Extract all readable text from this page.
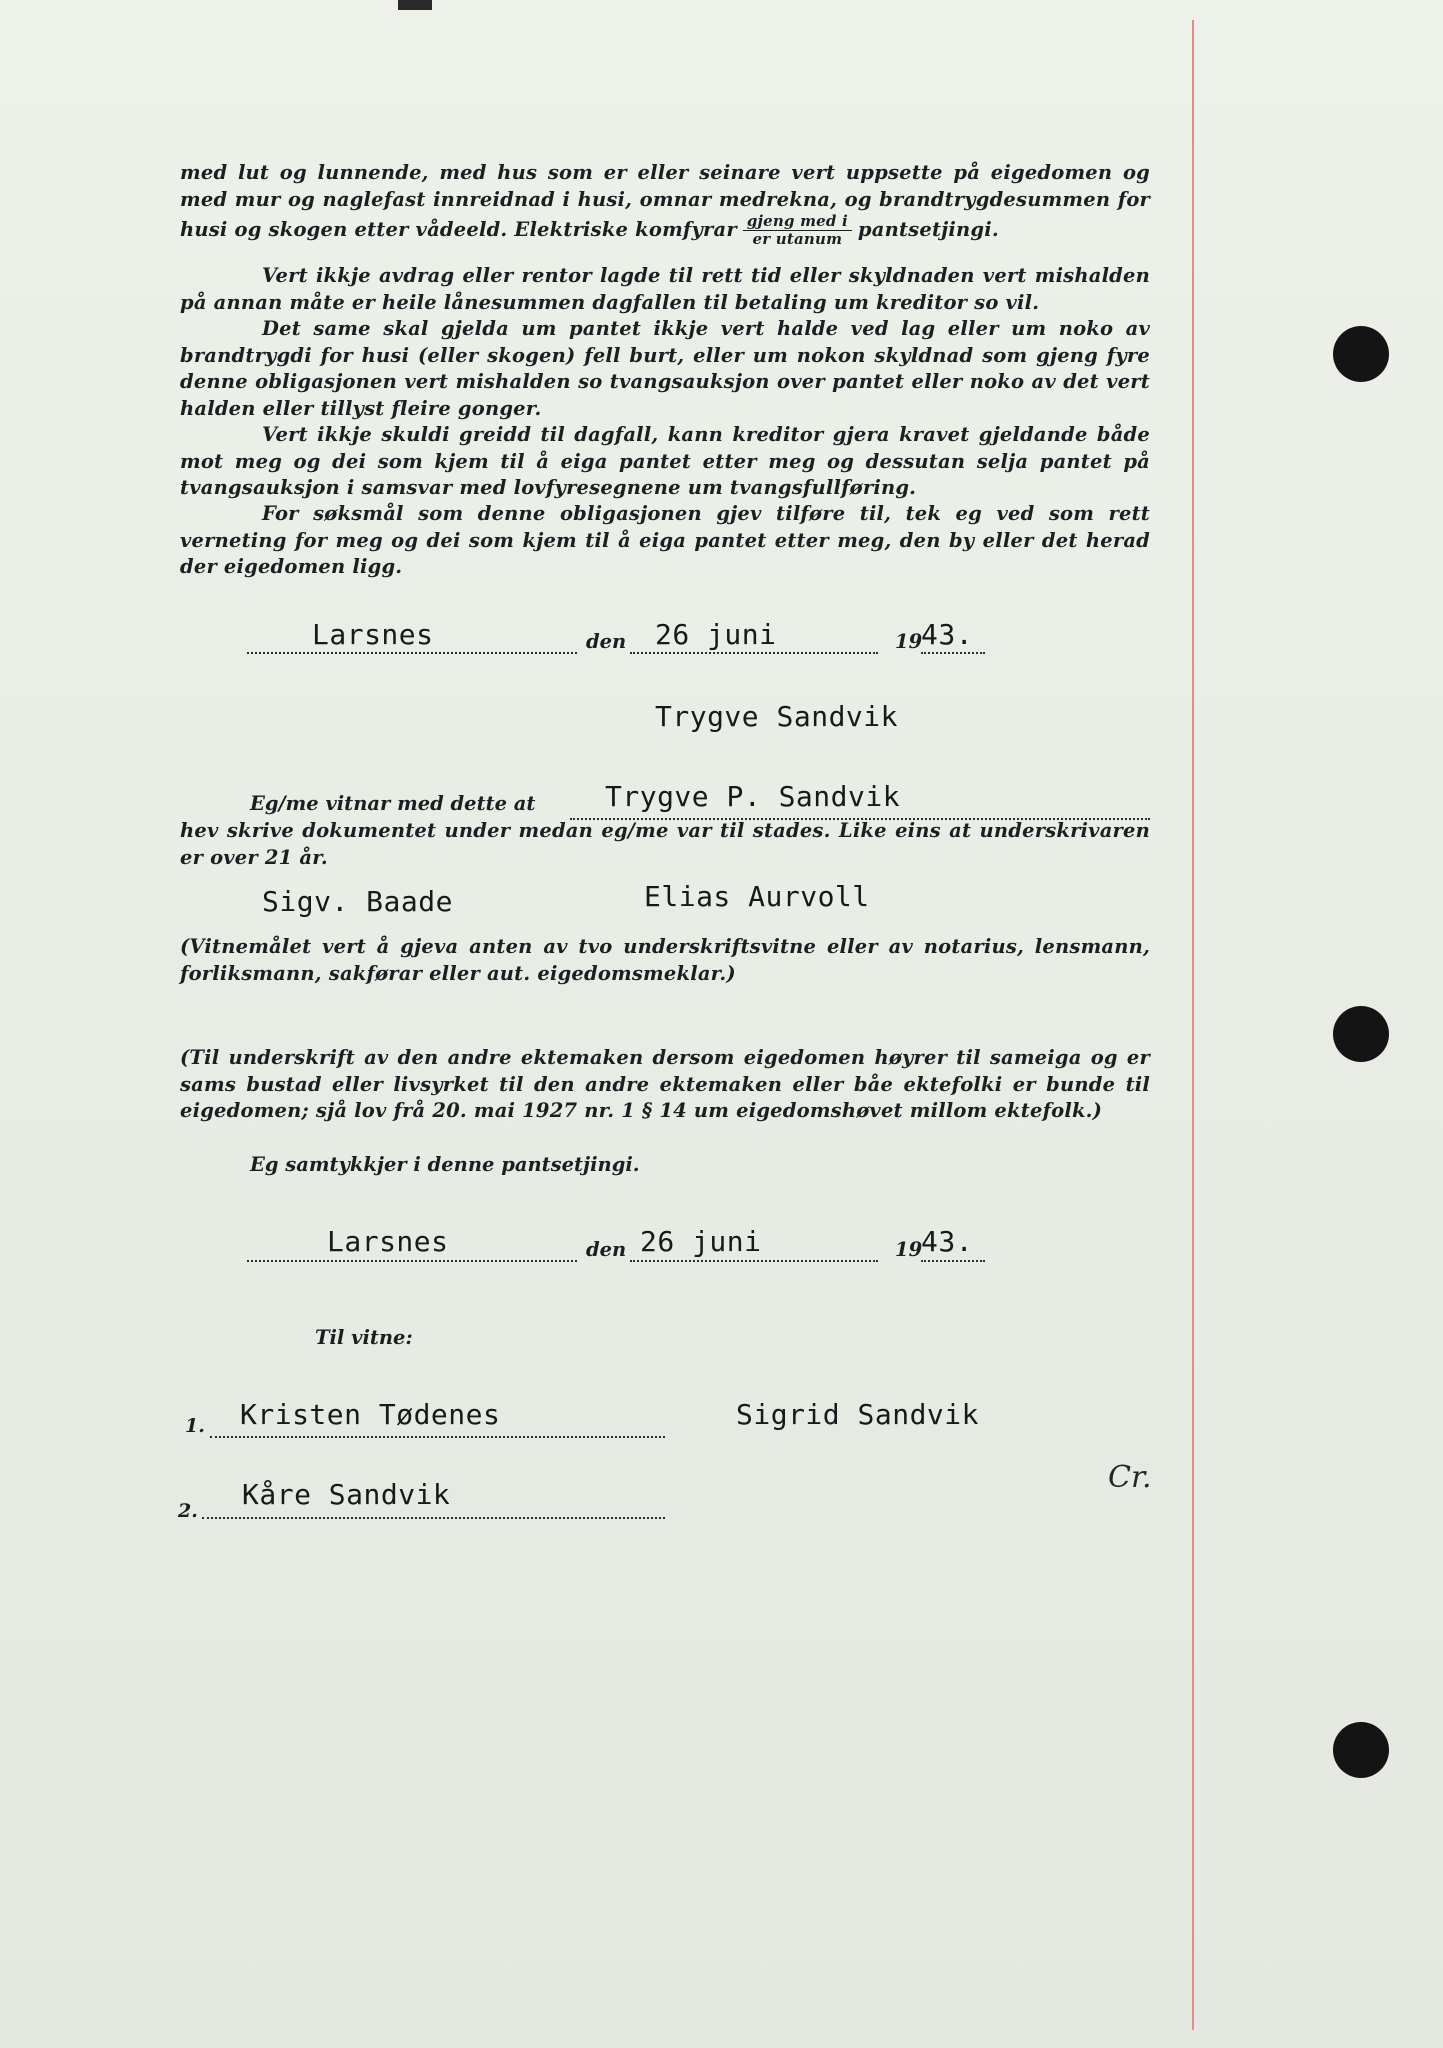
med lut og lunnende, med hus som er eller seinare vert uppsette på eigedomen og med mur og naglefast innreidnad i husi, omnar medrekna, og brandtrygdesummen for husi og skogen etter vådeeld. Elektriske komfyrar gjeng med i
er utanum pantsetjingi.

Vert ikkje avdrag eller rentor lagde til rett tid eller skyldnaden vert mishalden på annan måte er heile lånesummen dagfallen til betaling um kreditor so vil.

Det same skal gjelda um pantet ikkje vert halde ved lag eller um noko av brandtrygdi for husi (eller skogen) fell burt, eller um nokon skyldnad som gjeng fyre denne obligasjonen vert mishalden so tvangsauksjon over pantet eller noko av det vert halden eller tillyst fleire gonger.

Vert ikkje skuldi greidd til dagfall, kann kreditor gjera kravet gjeldande både mot meg og dei som kjem til å eiga pantet etter meg og dessutan selja pantet på tvangsauksjon i samsvar med lovfyresegnene um tvangsfullføring.

For søksmål som denne obligasjonen gjev tilføre til, tek eg ved som rett verneting for meg og dei som kjem til å eiga pantet etter meg, den by eller det herad der eigedomen ligg.

Larsnes	den 26 juni	19
43.
Trygve Sandvik
Eg/me vitnar med dette at Trygve P. Sandvik

hev skrive dokumentet under medan eg/me var til stades. Like eins at underskrivaren er over 21 år.

Sigv. Baade	Elias Aurvoll

(Vitnemålet vert å gjeva anten av tvo underskriftsvitne eller av notarius, lensmann, forliksmann, sakførar eller aut. eigedomsmeklar.)

(Til underskrift av den andre ektemaken dersom eigedomen høyrer til sameiga og er sams bustad eller livsyrket til den andre ektemaken eller båe ektefolki er bunde til eigedomen; sjå lov frå 20. mai 1927 nr. 1 § 14 um eigedomshøvet millom ektefolk.)

Eg samtykkjer i denne pantsetjingi.
Larsnes	den 26 juni	19
43.
Til vitne:
1. Kristen Tødenes	Sigrid Sandvik
2. Kåre Sandvik	Cr.
